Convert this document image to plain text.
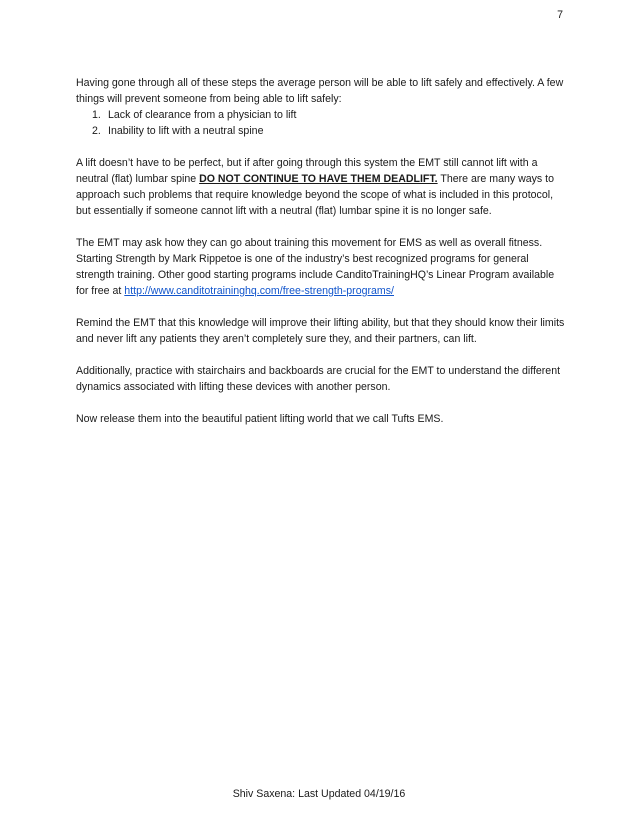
7

Having gone through all of these steps the average person will be able to lift safely and effectively. A few things will prevent someone from being able to lift safely:

1. Lack of clearance from a physician to lift
2. Inability to lift with a neutral spine

A lift doesn’t have to be perfect, but if after going through this system the EMT still cannot lift with a neutral (flat) lumbar spine DO NOT CONTINUE TO HAVE THEM DEADLIFT. There are many ways to approach such problems that require knowledge beyond the scope of what is included in this protocol, but essentially if someone cannot lift with a neutral (flat) lumbar spine it is no longer safe.

The EMT may ask how they can go about training this movement for EMS as well as overall fitness. Starting Strength by Mark Rippetoe is one of the industry’s best recognized programs for general strength training. Other good starting programs include CanditoTrainingHQ’s Linear Program available for free at http://www.canditotraininghq.com/free-strength-programs/

Remind the EMT that this knowledge will improve their lifting ability, but that they should know their limits and never lift any patients they aren’t completely sure they, and their partners, can lift.

Additionally, practice with stairchairs and backboards are crucial for the EMT to understand the different dynamics associated with lifting these devices with another person.

Now release them into the beautiful patient lifting world that we call Tufts EMS.

Shiv Saxena: Last Updated 04/19/16
